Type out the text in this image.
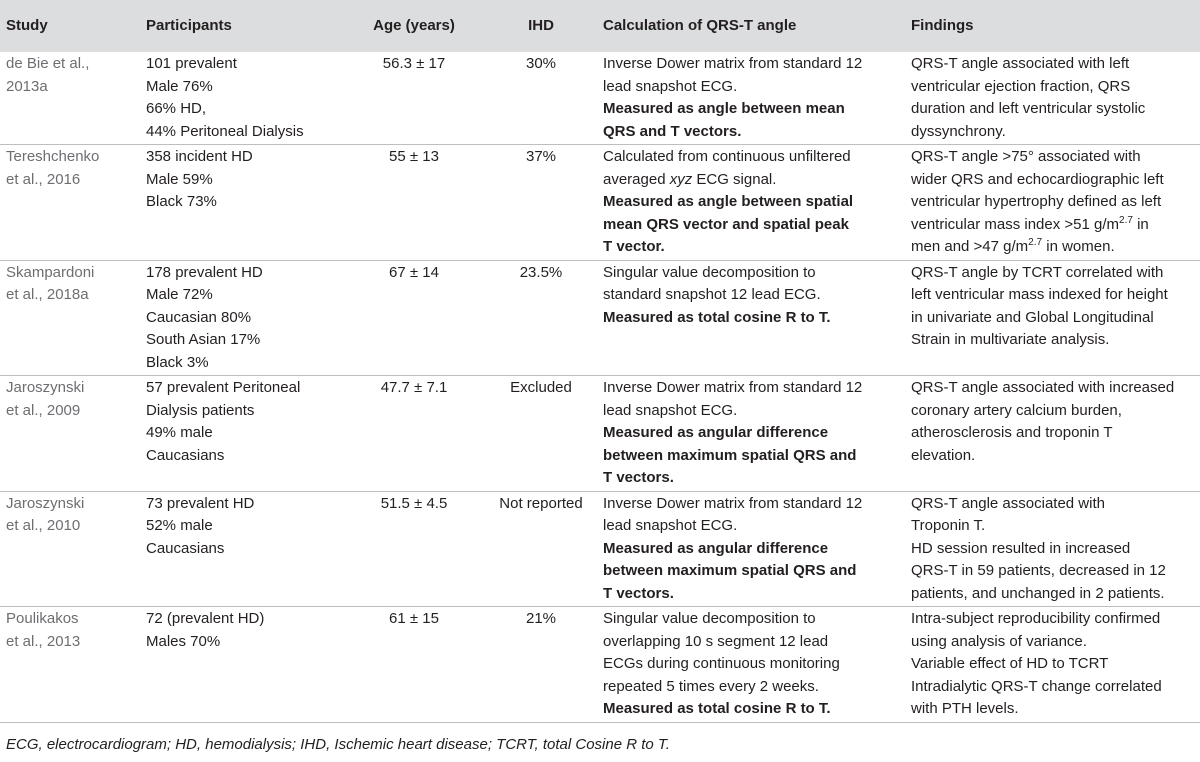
Study	Participants	Age (years)	IHD	Calculation of QRS-T angle	Findings

de Bie et al.,
2013a	101 prevalent
Male 76%
66% HD,
44% Peritoneal Dialysis	56.3 ± 17	30%	Inverse Dower matrix from standard 12
lead snapshot ECG.
Measured as angle between mean
QRS and T vectors.	QRS-T angle associated with left
ventricular ejection fraction, QRS
duration and left ventricular systolic
dyssynchrony.

Tereshchenko
et al., 2016	358 incident HD
Male 59%
Black 73%	55 ± 13	37%	Calculated from continuous unfiltered
averaged xyz ECG signal.
Measured as angle between spatial
mean QRS vector and spatial peak
T vector.	QRS-T angle >75° associated with
wider QRS and echocardiographic left
ventricular hypertrophy defined as left
ventricular mass index >51 $g/m^{2.7}$ in
men and >47 $g/m^{2.7}$ in women.

Skampardoni
et al., 2018a	178 prevalent HD
Male 72%
Caucasian 80%
South Asian 17%
Black 3%	67 ± 14	23.5%	Singular value decomposition to
standard snapshot 12 lead ECG.
Measured as total cosine R to T.	QRS-T angle by TCRT correlated with
left ventricular mass indexed for height
in univariate and Global Longitudinal
Strain in multivariate analysis.

Jaroszynski
et al., 2009	57 prevalent Peritoneal
Dialysis patients
49% male
Caucasians	47.7 ± 7.1	Excluded	Inverse Dower matrix from standard 12
lead snapshot ECG.
Measured as angular difference
between maximum spatial QRS and
T vectors.	QRS-T angle associated with increased
coronary artery calcium burden,
atherosclerosis and troponin T
elevation.

Jaroszynski
et al., 2010	73 prevalent HD
52% male
Caucasians	51.5 ± 4.5	Not reported	Inverse Dower matrix from standard 12
lead snapshot ECG.
Measured as angular difference
between maximum spatial QRS and
T vectors.	QRS-T angle associated with
Troponin T.
HD session resulted in increased
QRS-T in 59 patients, decreased in 12
patients, and unchanged in 2 patients.

Poulikakos
et al., 2013	72 (prevalent HD)
Males 70%	61 ± 15	21%	Singular value decomposition to
overlapping 10 s segment 12 lead
ECGs during continuous monitoring
repeated 5 times every 2 weeks.
Measured as total cosine R to T.	Intra-subject reproducibility confirmed
using analysis of variance.
Variable effect of HD to TCRT
Intradialytic QRS-T change correlated
with PTH levels.
ECG, electrocardiogram; HD, hemodialysis; IHD, Ischemic heart disease; TCRT, total Cosine R to T.
